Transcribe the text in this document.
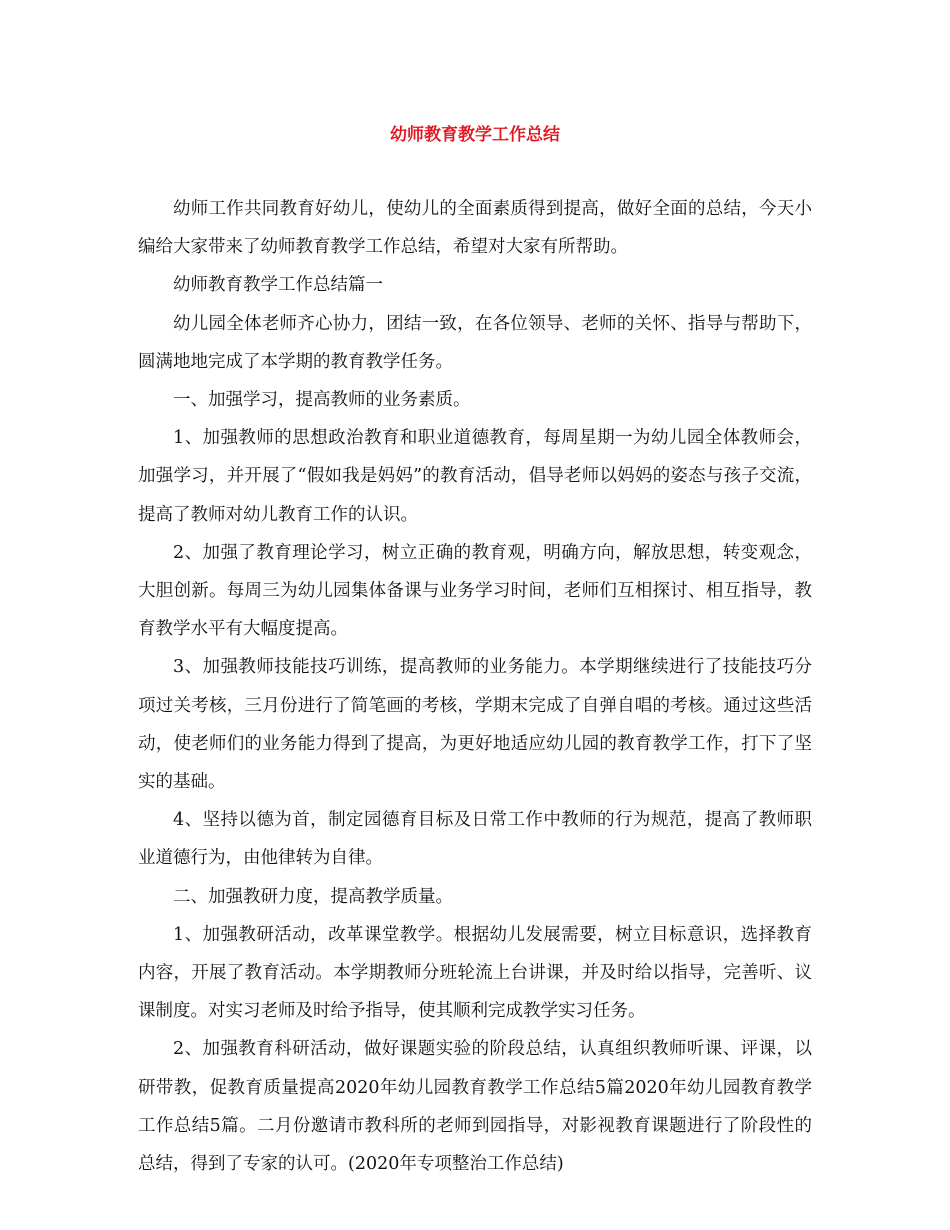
幼师教育教学工作总结

幼师工作共同教育好幼儿，使幼儿的全面素质得到提高，做好全面的总结，今天小编给大家带来了幼师教育教学工作总结，希望对大家有所帮助。

幼师教育教学工作总结篇一

幼儿园全体老师齐心协力，团结一致，在各位领导、老师的关怀、指导与帮助下，圆满地地完成了本学期的教育教学任务。

一、加强学习，提高教师的业务素质。

1、加强教师的思想政治教育和职业道德教育，每周星期一为幼儿园全体教师会，加强学习，并开展了“假如我是妈妈”的教育活动，倡导老师以妈妈的姿态与孩子交流，提高了教师对幼儿教育工作的认识。

2、加强了教育理论学习，树立正确的教育观，明确方向，解放思想，转变观念，大胆创新。每周三为幼儿园集体备课与业务学习时间，老师们互相探讨、相互指导，教育教学水平有大幅度提高。

3、加强教师技能技巧训练，提高教师的业务能力。本学期继续进行了技能技巧分项过关考核，三月份进行了简笔画的考核，学期末完成了自弹自唱的考核。通过这些活动，使老师们的业务能力得到了提高，为更好地适应幼儿园的教育教学工作，打下了坚实的基础。

4、坚持以德为首，制定园德育目标及日常工作中教师的行为规范，提高了教师职业道德行为，由他律转为自律。

二、加强教研力度，提高教学质量。

1、加强教研活动，改革课堂教学。根据幼儿发展需要，树立目标意识，选择教育内容，开展了教育活动。本学期教师分班轮流上台讲课，并及时给以指导，完善听、议课制度。对实习老师及时给予指导，使其顺利完成教学实习任务。

2、加强教育科研活动，做好课题实验的阶段总结，认真组织教师听课、评课，以研带教，促教育质量提高2020年幼儿园教育教学工作总结5篇2020年幼儿园教育教学工作总结5篇。二月份邀请市教科所的老师到园指导，对影视教育课题进行了阶段性的总结，得到了专家的认可。(2020年专项整治工作总结)
